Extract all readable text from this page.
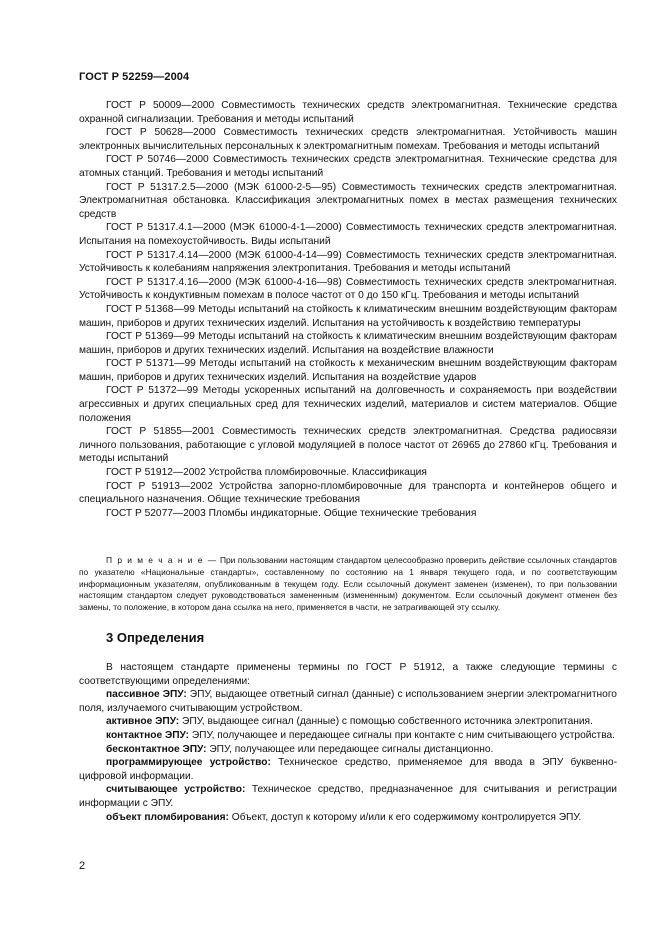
ГОСТ Р 52259—2004

ГОСТ Р 50009—2000 Совместимость технических средств электромагнитная. Технические средства охранной сигнализации. Требования и методы испытаний

ГОСТ Р 50628—2000 Совместимость технических средств электромагнитная. Устойчивость машин электронных вычислительных персональных к электромагнитным помехам. Требования и методы испытаний

ГОСТ Р 50746—2000 Совместимость технических средств электромагнитная. Технические средства для атомных станций. Требования и методы испытаний

ГОСТ Р 51317.2.5—2000 (МЭК 61000-2-5—95) Совместимость технических средств электромагнитная. Электромагнитная обстановка. Классификация электромагнитных помех в местах размещения технических средств

ГОСТ Р 51317.4.1—2000 (МЭК 61000-4-1—2000) Совместимость технических средств электромагнитная. Испытания на помехоустойчивость. Виды испытаний

ГОСТ Р 51317.4.14—2000 (МЭК 61000-4-14—99) Совместимость технических средств электромагнитная. Устойчивость к колебаниям напряжения электропитания. Требования и методы испытаний

ГОСТ Р 51317.4.16—2000 (МЭК 61000-4-16—98) Совместимость технических средств электромагнитная. Устойчивость к кондуктивным помехам в полосе частот от 0 до 150 кГц. Требования и методы испытаний

ГОСТ Р 51368—99 Методы испытаний на стойкость к климатическим внешним воздействующим факторам машин, приборов и других технических изделий. Испытания на устойчивость к воздействию температуры

ГОСТ Р 51369—99 Методы испытаний на стойкость к климатическим внешним воздействующим факторам машин, приборов и других технических изделий. Испытания на воздействие влажности

ГОСТ Р 51371—99 Методы испытаний на стойкость к механическим внешним воздействующим факторам машин, приборов и других технических изделий. Испытания на воздействие ударов

ГОСТ Р 51372—99 Методы ускоренных испытаний на долговечность и сохраняемость при воздействии агрессивных и других специальных сред для технических изделий, материалов и систем материалов. Общие положения

ГОСТ Р 51855—2001 Совместимость технических средств электромагнитная. Средства радиосвязи личного пользования, работающие с угловой модуляцией в полосе частот от 26965 до 27860 кГц. Требования и методы испытаний

ГОСТ Р 51912—2002 Устройства пломбировочные. Классификация

ГОСТ Р 51913—2002 Устройства запорно-пломбировочные для транспорта и контейнеров общего и специального назначения. Общие технические требования

ГОСТ Р 52077—2003 Пломбы индикаторные. Общие технические требования

П р и м е ч а н и е — При пользовании настоящим стандартом целесообразно проверить действие ссылочных стандартов по указателю «Национальные стандарты», составленному по состоянию на 1 января текущего года, и по соответствующим информационным указателям, опубликованным в текущем году. Если ссылочный документ заменен (изменен), то при пользовании настоящим стандартом следует руководствоваться замененным (измененным) документом. Если ссылочный документ отменен без замены, то положение, в котором дана ссылка на него, применяется в части, не затрагивающей эту ссылку.

3 Определения

В настоящем стандарте применены термины по ГОСТ Р 51912, а также следующие термины с соответствующими определениями:

пассивное ЭПУ: ЭПУ, выдающее ответный сигнал (данные) с использованием энергии электромагнитного поля, излучаемого считывающим устройством.

активное ЭПУ: ЭПУ, выдающее сигнал (данные) с помощью собственного источника электропитания.

контактное ЭПУ: ЭПУ, получающее и передающее сигналы при контакте с ним считывающего устройства.

бесконтактное ЭПУ: ЭПУ, получающее или передающее сигналы дистанционно.

программирующее устройство: Техническое средство, применяемое для ввода в ЭПУ буквенно-цифровой информации.

считывающее устройство: Техническое средство, предназначенное для считывания и регистрации информации с ЭПУ.

объект пломбирования: Объект, доступ к которому и/или к его содержимому контролируется ЭПУ.

2
